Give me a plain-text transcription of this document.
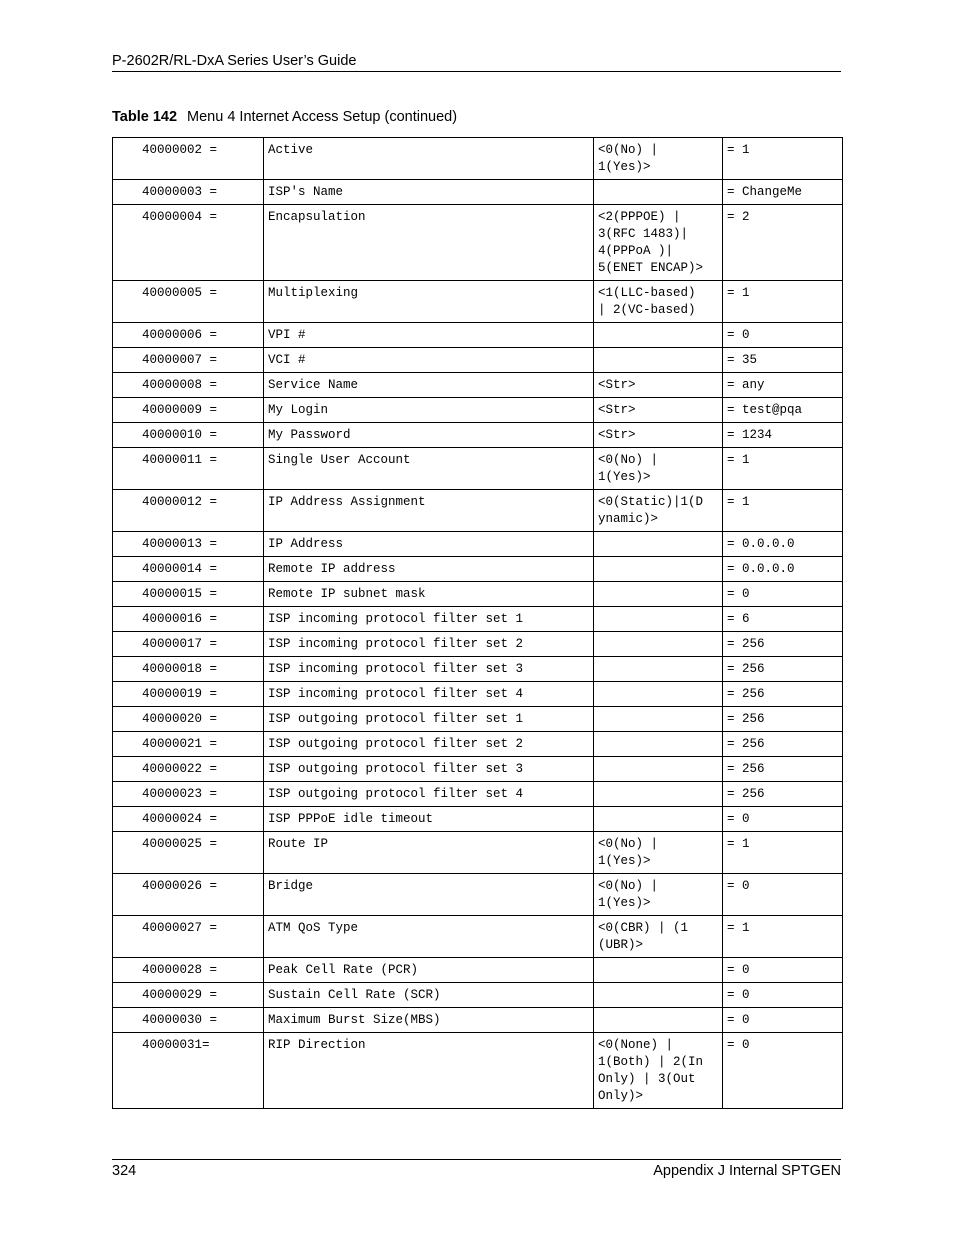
P-2602R/RL-DxA Series User’s Guide
Table 142 Menu 4 Internet Access Setup (continued)
40000002 =	Active	<0(No) |
1(Yes)>	= 1
40000003 =	ISP's Name		= ChangeMe
40000004 =	Encapsulation	<2(PPPOE) |
3(RFC 1483)|
4(PPPoA )|
5(ENET ENCAP)>	= 2
40000005 =	Multiplexing	<1(LLC-based)
| 2(VC-based)	= 1
40000006 =	VPI #		= 0
40000007 =	VCI #		= 35
40000008 =	Service Name	<Str>	= any
40000009 =	My Login	<Str>	= test@pqa
40000010 =	My Password	<Str>	= 1234
40000011 =	Single User Account	<0(No) |
1(Yes)>	= 1
40000012 =	IP Address Assignment	<0(Static)|1(D
ynamic)>	= 1
40000013 =	IP Address		= 0.0.0.0
40000014 =	Remote IP address		= 0.0.0.0
40000015 =	Remote IP subnet mask		= 0
40000016 =	ISP incoming protocol filter set 1		= 6
40000017 =	ISP incoming protocol filter set 2		= 256
40000018 =	ISP incoming protocol filter set 3		= 256
40000019 =	ISP incoming protocol filter set 4		= 256
40000020 =	ISP outgoing protocol filter set 1		= 256
40000021 =	ISP outgoing protocol filter set 2		= 256
40000022 =	ISP outgoing protocol filter set 3		= 256
40000023 =	ISP outgoing protocol filter set 4		= 256
40000024 =	ISP PPPoE idle timeout		= 0
40000025 =	Route IP	<0(No) |
1(Yes)>	= 1
40000026 =	Bridge	<0(No) |
1(Yes)>	= 0
40000027 =	ATM QoS Type	<0(CBR) | (1
(UBR)>	= 1
40000028 =	Peak Cell Rate (PCR)		= 0
40000029 =	Sustain Cell Rate (SCR)		= 0
40000030 =	Maximum Burst Size(MBS)		= 0
40000031=	RIP Direction	<0(None) |
1(Both) | 2(In
Only) | 3(Out
Only)>	= 0
324	Appendix J Internal SPTGEN
